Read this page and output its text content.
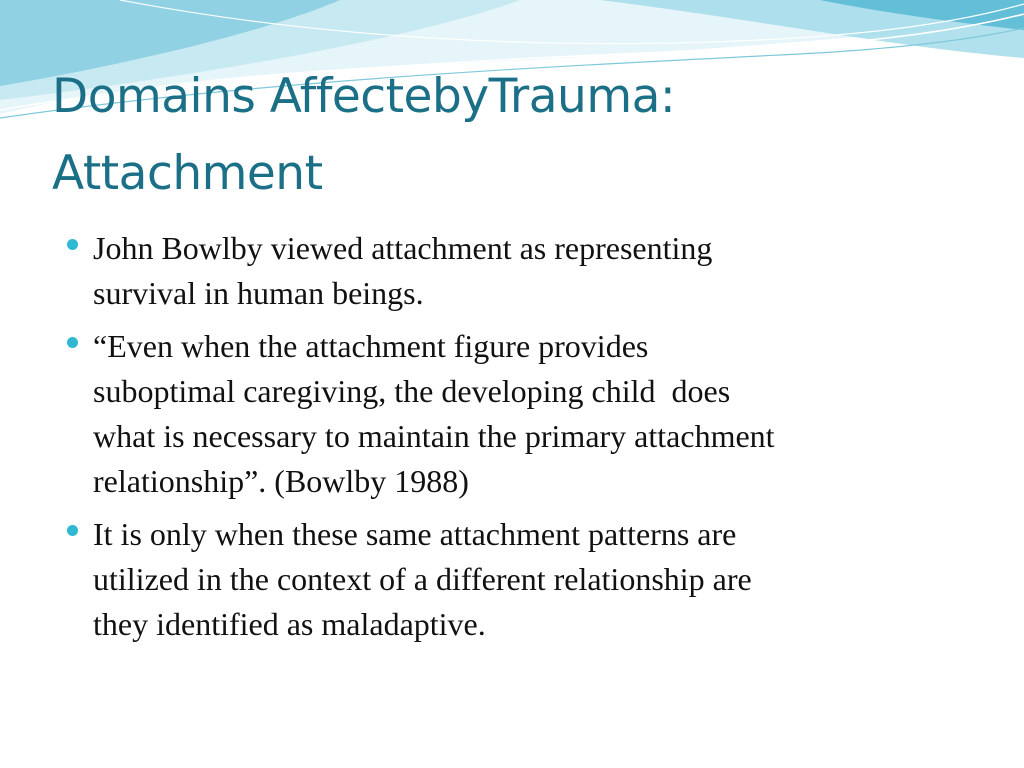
Domains AffectebyTrauma:
Attachment
John Bowlby viewed attachment as representing
survival in human beings.
“Even when the attachment figure provides
suboptimal caregiving, the developing child  does
what is necessary to maintain the primary attachment
relationship”. (Bowlby 1988)
It is only when these same attachment patterns are
utilized in the context of a different relationship are
they identified as maladaptive.
